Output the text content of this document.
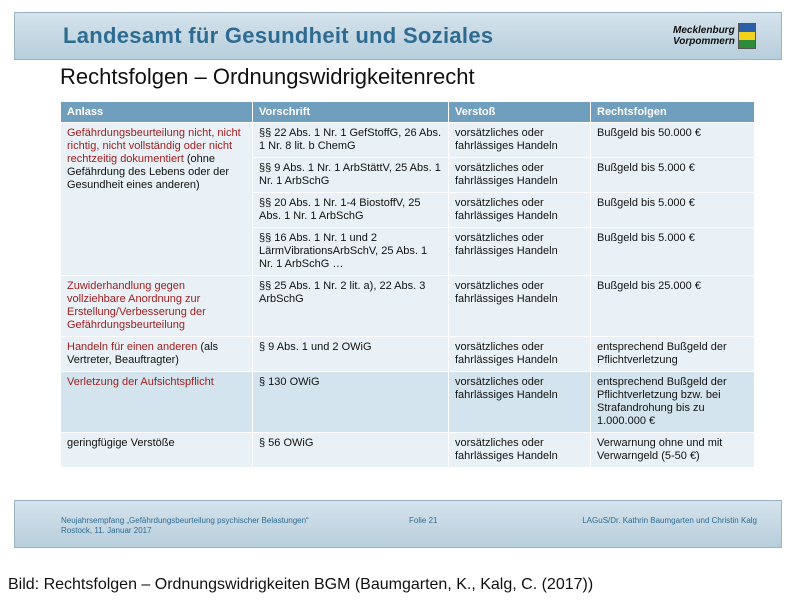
Landesamt für Gesundheit und Soziales	Mecklenburg
Vorpommern
Rechtsfolgen – Ordnungswidrigkeitenrecht
Anlass	Vorschrift	Verstoß	Rechtsfolgen
Gefährdungsbeurteilung nicht, nicht richtig, nicht vollständig oder nicht rechtzeitig dokumentiert (ohne Gefährdung des Lebens oder der Gesundheit eines anderen)	§§ 22 Abs. 1 Nr. 1 GefStoffG, 26 Abs. 1 Nr. 8 lit. b ChemG	vorsätzliches oder fahrlässiges Handeln	Bußgeld bis 50.000 €
	§§ 9 Abs. 1 Nr. 1 ArbStättV, 25 Abs. 1 Nr. 1 ArbSchG	vorsätzliches oder fahrlässiges Handeln	Bußgeld bis 5.000 €
	§§ 20 Abs. 1 Nr. 1-4 BiostoffV, 25 Abs. 1 Nr. 1 ArbSchG	vorsätzliches oder fahrlässiges Handeln	Bußgeld bis 5.000 €
	§§ 16 Abs. 1 Nr. 1 und 2 LärmVibrationsArbSchV, 25 Abs. 1 Nr. 1 ArbSchG …	vorsätzliches oder fahrlässiges Handeln	Bußgeld bis 5.000 €
Zuwiderhandlung gegen vollziehbare Anordnung zur Erstellung/Verbesserung der Gefährdungsbeurteilung	§§ 25 Abs. 1 Nr. 2 lit. a), 22 Abs. 3 ArbSchG	vorsätzliches oder fahrlässiges Handeln	Bußgeld bis 25.000 €
Handeln für einen anderen (als Vertreter, Beauftragter)	§ 9 Abs. 1 und 2 OWiG	vorsätzliches oder fahrlässiges Handeln	entsprechend Bußgeld der Pflichtverletzung
Verletzung der Aufsichtspflicht	§ 130 OWiG	vorsätzliches oder fahrlässiges Handeln	entsprechend Bußgeld der Pflichtverletzung bzw. bei Strafandrohung bis zu 1.000.000 €
geringfügige Verstöße	§ 56 OWiG	vorsätzliches oder fahrlässiges Handeln	Verwarnung ohne und mit Verwarngeld (5-50 €)
Neujahrsempfang „Gefährdungsbeurteilung psychischer Belastungen“
Rostock, 11. Januar 2017
Folie 21	LAGuS/Dr. Kathrin Baumgarten und Christin Kalg
Bild: Rechtsfolgen – Ordnungswidrigkeiten BGM (Baumgarten, K., Kalg, C. (2017))
